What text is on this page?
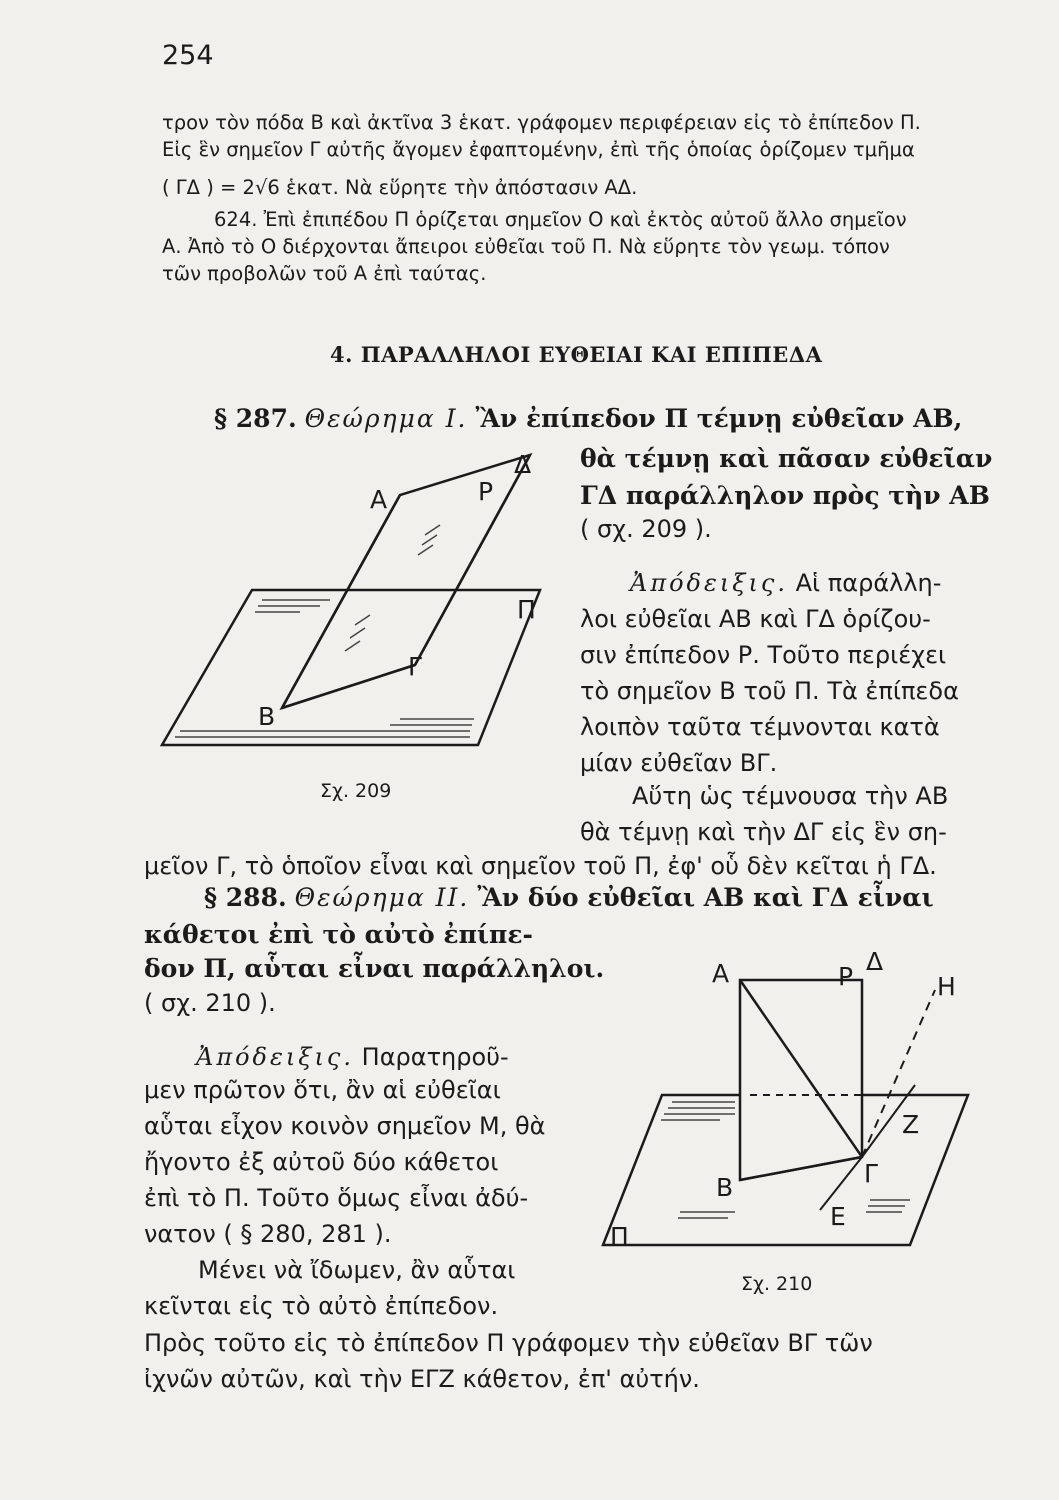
254
τρον τὸν πόδα Β καὶ ἀκτῖνα 3 ἑκατ. γράφομεν περιφέρειαν εἰς τὸ ἐπίπεδον Π.
Εἰς ἓν σημεῖον Γ αὐτῆς ἄγομεν ἐφαπτομένην, ἐπὶ τῆς ὁποίας ὁρίζομεν τμῆμα
( ΓΔ ) = 2√6 ἑκατ. Νὰ εὕρητε τὴν ἀπόστασιν ΑΔ.
624. Ἐπὶ ἐπιπέδου Π ὁρίζεται σημεῖον Ο καὶ ἐκτὸς αὐτοῦ ἄλλο σημεῖον
Α. Ἀπὸ τὸ Ο διέρχονται ἄπειροι εὐθεῖαι τοῦ Π. Νὰ εὕρητε τὸν γεωμ. τόπον
τῶν προβολῶν τοῦ Α ἐπὶ ταύτας.
4. ΠΑΡΑΛΛΗΛΟΙ ΕΥΘΕΙΑΙ ΚΑΙ ΕΠΙΠΕΔΑ
§ 287. Θεώρημα Ι. Ἂν ἐπίπεδον Π τέμνῃ εὐθεῖαν ΑΒ,
θὰ τέμνῃ καὶ πᾶσαν εὐθεῖαν
ΓΔ παράλληλον πρὸς τὴν ΑΒ
( σχ. 209 ).
Ἀπόδειξις. Αἱ παράλλη-
λοι εὐθεῖαι ΑΒ καὶ ΓΔ ὁρίζου-
σιν ἐπίπεδον Ρ. Τοῦτο περιέχει
τὸ σημεῖον Β τοῦ Π. Τὰ ἐπίπεδα
λοιπὸν ταῦτα τέμνονται κατὰ
μίαν εὐθεῖαν ΒΓ.
Αὕτη ὡς τέμνουσα τὴν ΑΒ
θὰ τέμνῃ καὶ τὴν ΔΓ εἰς ἓν ση-
μεῖον Γ, τὸ ὁποῖον εἶναι καὶ σημεῖον τοῦ Π, ἐφ' οὗ δὲν κεῖται ἡ ΓΔ.
§ 288. Θεώρημα ΙΙ. Ἂν δύο εὐθεῖαι ΑΒ καὶ ΓΔ εἶναι
κάθετοι ἐπὶ τὸ αὐτὸ ἐπίπε-
δον Π, αὗται εἶναι παράλληλοι.
( σχ. 210 ).
Ἀπόδειξις. Παρατηροῦ-
μεν πρῶτον ὅτι, ἂν αἱ εὐθεῖαι
αὗται εἶχον κοινὸν σημεῖον Μ, θὰ
ἤγοντο ἐξ αὐτοῦ δύο κάθετοι
ἐπὶ τὸ Π. Τοῦτο ὅμως εἶναι ἀδύ-
νατον ( § 280, 281 ).
Μένει νὰ ἴδωμεν, ἂν αὗται
κεῖνται εἰς τὸ αὐτὸ ἐπίπεδον.
Πρὸς τοῦτο εἰς τὸ ἐπίπεδον Π γράφομεν τὴν εὐθεῖαν ΒΓ τῶν
ἰχνῶν αὐτῶν, καὶ τὴν ΕΓΖ κάθετον, ἐπ' αὐτήν.
Α	Ρ
Δ
Π
Γ
Β
Σχ. 209
Α	Ρ
Δ
Η
Ζ
Γ
Β
Ε
Π
Σχ. 210
